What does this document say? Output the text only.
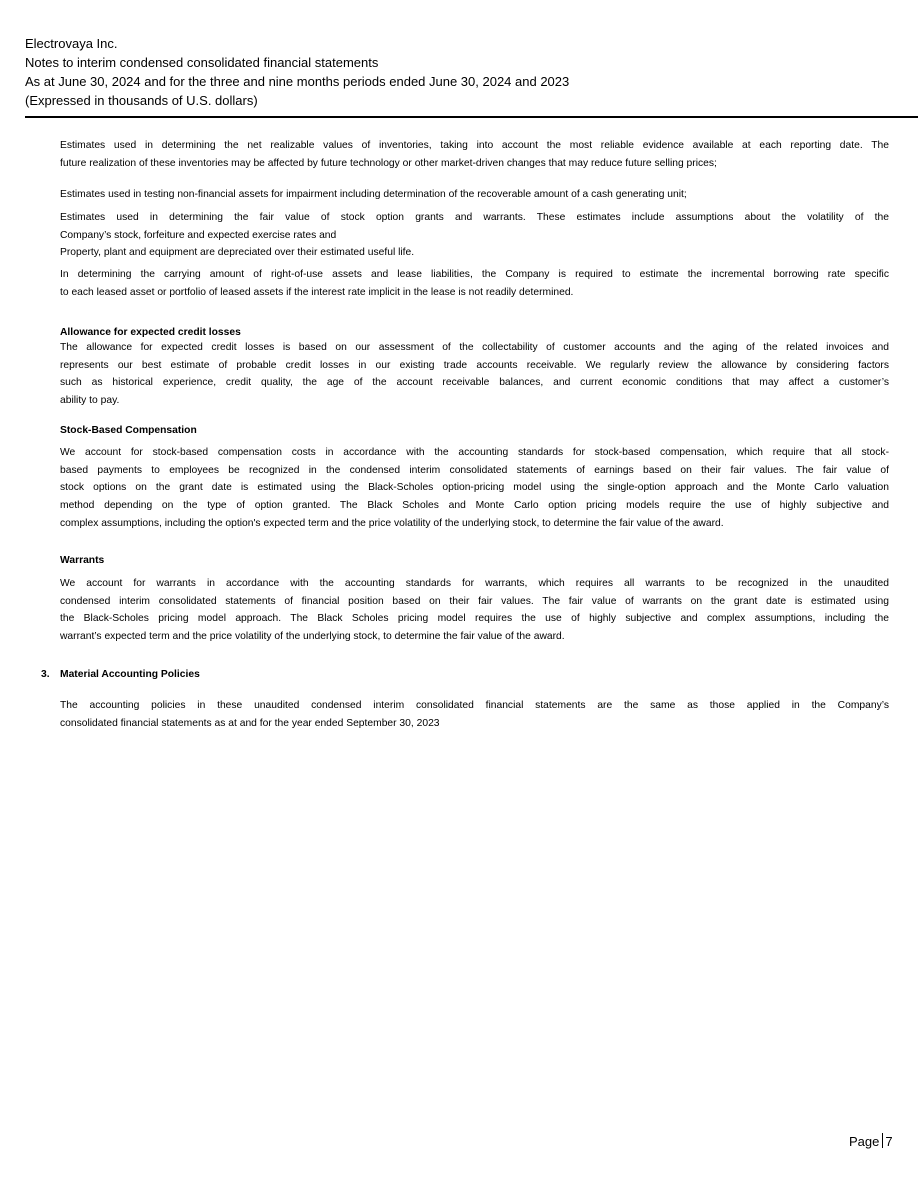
Electrovaya Inc.
Notes to interim condensed consolidated financial statements
As at June 30, 2024 and for the three and nine months periods ended June 30, 2024 and 2023
(Expressed in thousands of U.S. dollars)
Estimates used in determining the net realizable values of inventories, taking into account the most reliable evidence available at each reporting date. The
future realization of these inventories may be affected by future technology or other market-driven changes that may reduce future selling prices;
Estimates used in testing non-financial assets for impairment including determination of the recoverable amount of a cash generating unit;
Estimates used in determining the fair value of stock option grants and warrants. These estimates include assumptions about the volatility of the
Company’s stock, forfeiture and expected exercise rates and
Property, plant and equipment are depreciated over their estimated useful life.
In determining the carrying amount of right-of-use assets and lease liabilities, the Company is required to estimate the incremental borrowing rate specific
to each leased asset or portfolio of leased assets if the interest rate implicit in the lease is not readily determined.
Allowance for expected credit losses
The allowance for expected credit losses is based on our assessment of the collectability of customer accounts and the aging of the related invoices and
represents our best estimate of probable credit losses in our existing trade accounts receivable. We regularly review the allowance by considering factors
such as historical experience, credit quality, the age of the account receivable balances, and current economic conditions that may affect a customer’s
ability to pay.
Stock-Based Compensation
We account for stock-based compensation costs in accordance with the accounting standards for stock-based compensation, which require that all stock-
based payments to employees be recognized in the condensed interim consolidated statements of earnings based on their fair values. The fair value of
stock options on the grant date is estimated using the Black-Scholes option-pricing model using the single-option approach and the Monte Carlo valuation
method depending on the type of option granted. The Black Scholes and Monte Carlo option pricing models require the use of highly subjective and
complex assumptions, including the option's expected term and the price volatility of the underlying stock, to determine the fair value of the award.
Warrants
We account for warrants in accordance with the accounting standards for warrants, which requires all warrants to be recognized in the unaudited
condensed interim consolidated statements of financial position based on their fair values. The fair value of warrants on the grant date is estimated using
the Black-Scholes pricing model approach. The Black Scholes pricing model requires the use of highly subjective and complex assumptions, including the
warrant’s expected term and the price volatility of the underlying stock, to determine the fair value of the award.
3. Material Accounting Policies
The accounting policies in these unaudited condensed interim consolidated financial statements are the same as those applied in the Company’s
consolidated financial statements as at and for the year ended September 30, 2023
Page 7
